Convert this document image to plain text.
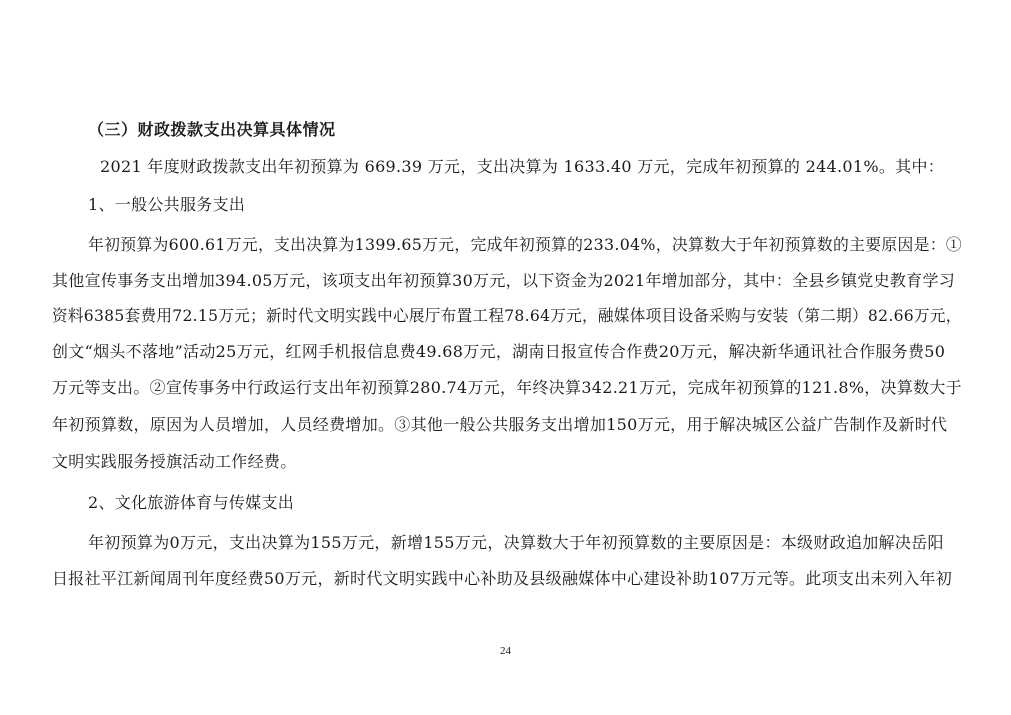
（三）财政拨款支出决算具体情况
2021 年度财政拨款支出年初预算为 669.39 万元，支出决算为 1633.40 万元，完成年初预算的 244.01%。其中：
1、一般公共服务支出
年初预算为600.61万元，支出决算为1399.65万元，完成年初预算的233.04%，决算数大于年初预算数的主要原因是：①
其他宣传事务支出增加394.05万元，该项支出年初预算30万元，以下资金为2021年增加部分，其中：全县乡镇党史教育学习
资料6385套费用72.15万元；新时代文明实践中心展厅布置工程78.64万元，融媒体项目设备采购与安装（第二期）82.66万元，
创文“烟头不落地”活动25万元，红网手机报信息费49.68万元，湖南日报宣传合作费20万元，解决新华通讯社合作服务费50
万元等支出。②宣传事务中行政运行支出年初预算280.74万元，年终决算342.21万元，完成年初预算的121.8%，决算数大于
年初预算数，原因为人员增加，人员经费增加。③其他一般公共服务支出增加150万元，用于解决城区公益广告制作及新时代
文明实践服务授旗活动工作经费。
2、文化旅游体育与传媒支出
年初预算为0万元，支出决算为155万元，新增155万元，决算数大于年初预算数的主要原因是：本级财政追加解决岳阳
日报社平江新闻周刊年度经费50万元，新时代文明实践中心补助及县级融媒体中心建设补助107万元等。此项支出未列入年初
24
